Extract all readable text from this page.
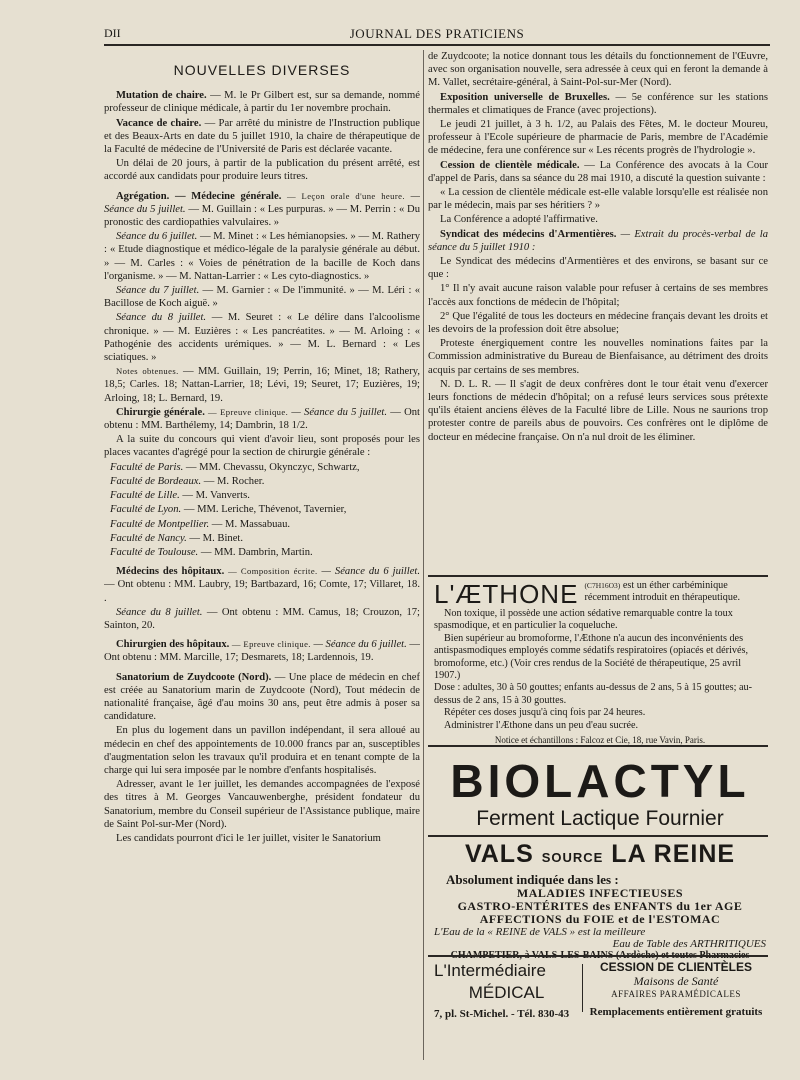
DII	JOURNAL DES PRATICIENS

NOUVELLES DIVERSES

Mutation de chaire. — M. le Pr Gilbert est, sur sa demande, nommé professeur de clinique médicale, à partir du 1er novembre prochain.

Vacance de chaire. — Par arrêté du ministre de l'Instruction publique et des Beaux-Arts en date du 5 juillet 1910, la chaire de thérapeutique de la Faculté de médecine de l'Université de Paris est déclarée vacante.

Un délai de 20 jours, à partir de la publication du présent arrêté, est accordé aux candidats pour produire leurs titres.

Agrégation. — Médecine générale. — Leçon orale d'une heure. — Séance du 5 juillet. — M. Guillain : « Les purpuras. » — M. Perrin : « Du pronostic des cardiopathies valvulaires. »

Séance du 6 juillet. — M. Minet : « Les hémianopsies. » — M. Rathery : « Etude diagnostique et médico-légale de la paralysie générale au début. » — M. Carles : « Voies de pénétration de la bacille de Koch dans l'organisme. » — M. Nattan-Larrier : « Les cyto-diagnostics. »

Séance du 7 juillet. — M. Garnier : « De l'immunité. » — M. Léri : « Bacillose de Koch aiguë. »

Séance du 8 juillet. — M. Seuret : « Le délire dans l'alcoolisme chronique. » — M. Euzières : « Les pancréatites. » — M. Arloing : « Pathogénie des accidents urémiques. » — M. L. Bernard : « Les sciatiques. »

Notes obtenues. — MM. Guillain, 19; Perrin, 16; Minet, 18; Rathery, 18,5; Carles. 18; Nattan-Larrier, 18; Lévi, 19; Seuret, 17; Euzières, 19; Arloing, 18; L. Bernard, 19.

Chirurgie générale. — Epreuve clinique. — Séance du 5 juillet. — Ont obtenu : MM. Barthélemy, 14; Dambrin, 18 1/2.

A la suite du concours qui vient d'avoir lieu, sont proposés pour les places vacantes d'agrégé pour la section de chirurgie générale :

Faculté de Paris. — MM. Chevassu, Okynczyc, Schwartz,

Faculté de Bordeaux. — M. Rocher.

Faculté de Lille. — M. Vanverts.

Faculté de Lyon. — MM. Leriche, Thévenot, Tavernier,

Faculté de Montpellier. — M. Massabuau.

Faculté de Nancy. — M. Binet.

Faculté de Toulouse. — MM. Dambrin, Martin.

Médecins des hôpitaux. — Composition écrite. — Séance du 6 juillet. — Ont obtenu : MM. Laubry, 19; Bartbazard, 16; Comte, 17; Villaret, 18. .

Séance du 8 juillet. — Ont obtenu : MM. Camus, 18; Crouzon, 17; Sainton, 20.

Chirurgien des hôpitaux. — Epreuve clinique. — Séance du 6 juillet. — Ont obtenu : MM. Marcille, 17; Desmarets, 18; Lardennois, 19.

Sanatorium de Zuydcoote (Nord). — Une place de médecin en chef est créée au Sanatorium marin de Zuydcoote (Nord), Tout médecin de nationalité française, âgé d'au moins 30 ans, peut être admis à poser sa candidature.

En plus du logement dans un pavillon indépendant, il sera alloué au médecin en chef des appointements de 10.000 francs par an, susceptibles d'augmentation selon les travaux qu'il produira et en tenant compte de la charge qui lui sera imposée par le nombre d'enfants hospitalisés.

Adresser, avant le 1er juillet, les demandes accompagnées de l'exposé des titres à M. Georges Vancauwenberghe, président fondateur du Sanatorium, membre du Conseil supérieur de l'Assistance publique, maire de Saint Pol-sur-Mer (Nord).

Les candidats pourront d'ici le 1er juillet, visiter le Sanatorium

de Zuydcoote; la notice donnant tous les détails du fonctionnement de l'Œuvre, avec son organisation nouvelle, sera adressée à ceux qui en feront la demande à M. Vallet, secrétaire-général, à Saint-Pol-sur-Mer (Nord).

Exposition universelle de Bruxelles. — 5e conférence sur les stations thermales et climatiques de France (avec projections).

Le jeudi 21 juillet, à 3 h. 1/2, au Palais des Fêtes, M. le docteur Moureu, professeur à l'Ecole supérieure de pharmacie de Paris, membre de l'Académie de médecine, fera une conférence sur « Les récents progrès de l'hydrologie ».

Cession de clientèle médicale. — La Conférence des avocats à la Cour d'appel de Paris, dans sa séance du 28 mai 1910, a discuté la question suivante :

« La cession de clientèle médicale est-elle valable lorsqu'elle est réalisée non par le médecin, mais par ses héritiers ? »

La Conférence a adopté l'affirmative.

Syndicat des médecins d'Armentières. — Extrait du procès-verbal de la séance du 5 juillet 1910 :

Le Syndicat des médecins d'Armentières et des environs, se basant sur ce que :

1° Il n'y avait aucune raison valable pour refuser à certains de ses membres l'accès aux fonctions de médecin de l'hôpital;

2° Que l'égalité de tous les docteurs en médecine français devant les droits et les devoirs de la profession doit être absolue;

Proteste énergiquement contre les nouvelles nominations faites par la Commission administrative du Bureau de Bienfaisance, au détriment des droits acquis par certains de ses membres.

N. D. L. R. — Il s'agit de deux confrères dont le tour était venu d'exercer leurs fonctions de médecin d'hôpital; on a refusé leurs services sous prétexte qu'ils étaient anciens élèves de la Faculté libre de Lille. Nous ne saurions trop protester contre de pareils abus de pouvoirs. Ces confrères ont le diplôme de docteur en médecine française. On n'a nul droit de les éliminer.

L'ÆTHONE $^{(C7H16O3)}$ est un éther carbéminique récemment introduit en thérapeutique.

Non toxique, il possède une action sédative remarquable contre la toux spasmodique, et en particulier la coqueluche.

Bien supérieur au bromoforme, l'Æthone n'a aucun des inconvénients des antispasmodiques employés comme sédatifs respiratoires (opiacés et dérivés, bromoforme, etc.) (Voir cres rendus de la Société de thérapeutique, 25 avril 1907.)

Dose : adultes, 30 à 50 gouttes; enfants au-dessus de 2 ans, 5 à 15 gouttes; au-dessus de 2 ans, 15 à 30 gouttes.

Répéter ces doses jusqu'à cinq fois par 24 heures.

Administrer l'Æthone dans un peu d'eau sucrée.

Notice et échantillons : Falcoz et Cie, 18, rue Vavin, Paris.
BIOLACTYL
Ferment Lactique Fournier
VALS SOURCE LA REINE
Absolument indiquée dans les :
MALADIES INFECTIEUSES
GASTRO-ENTÉRITES des ENFANTS du 1er AGE
AFFECTIONS du FOIE et de l'ESTOMAC
L'Eau de la « REINE de VALS » est la meilleure
Eau de Table des ARTHRITIQUES
L'Intermédiaire
MÉDICAL
7, pl. St-Michel. - Tél. 830-43
CESSION DE CLIENTÈLES
Maisons de Santé
AFFAIRES PARAMÉDICALES
Remplacements entièrement gratuits
